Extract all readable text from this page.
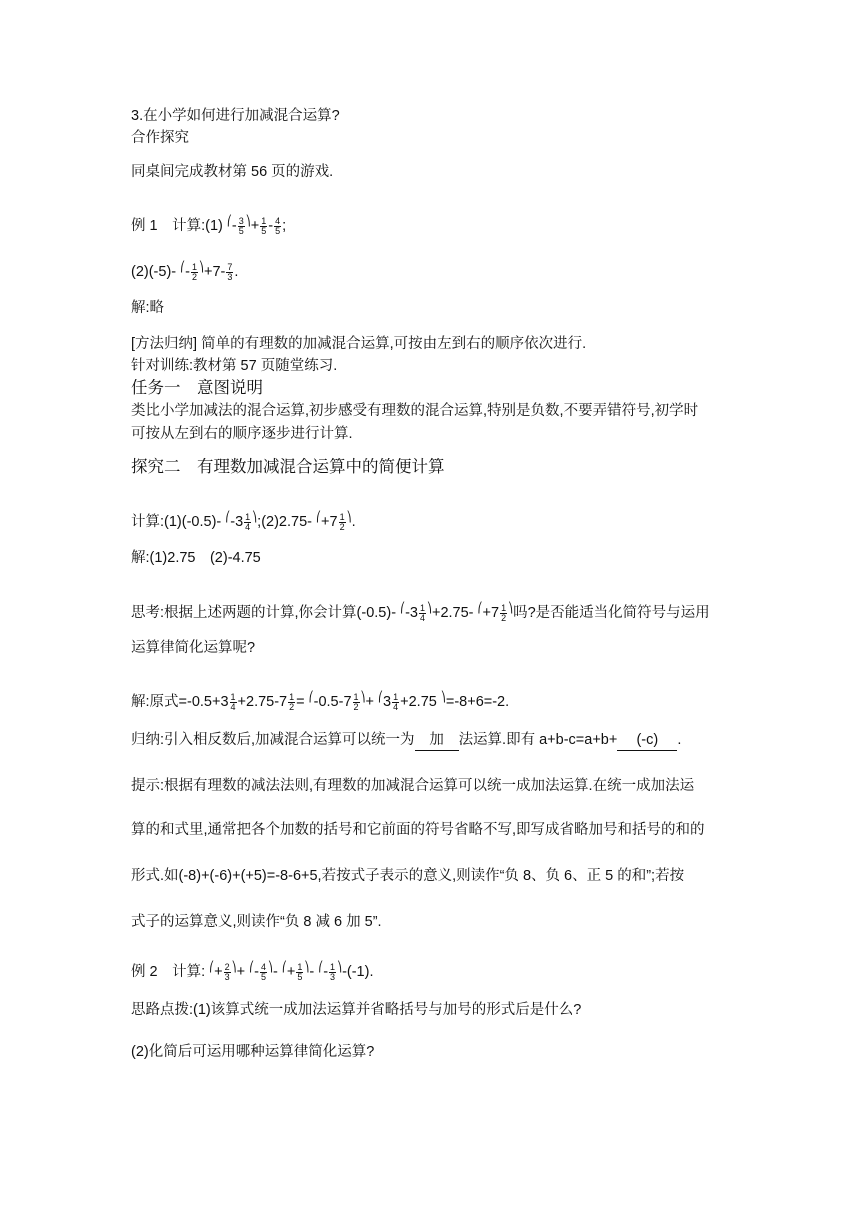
3.在小学如何进行加减混合运算?
合作探究
同桌间完成教材第 56 页的游戏.
例 1　计算:(1) $^⎛- \frac{3}{5} ^⎞+ \frac{1}{5} - \frac{4}{5}$ ;
(2)(-5)- $^⎛- \frac{1}{2} ^⎞+7- \frac{7}{3}$ .
解:略
[方法归纳] 简单的有理数的加减混合运算,可按由左到右的顺序依次进行.
针对训练:教材第 57 页随堂练习.
任务一　意图说明
类比小学加减法的混合运算,初步感受有理数的混合运算,特别是负数,不要弄错符号,初学时
可按从左到右的顺序逐步进行计算.
探究二　有理数加减混合运算中的简便计算
计算:(1)(-0.5)- $^⎛-3 \frac{1}{4}$ ⎞;(2)2.75- $^⎛+7 \frac{1}{2} ^⎞$.
解:(1)2.75　(2)-4.75
思考:根据上述两题的计算,你会计算(-0.5)- $^⎛-3 \frac{1}{4} ^⎞+2.75-$ $^⎛+7 \frac{1}{2} ^⎞$吗?是否能适当化简符号与运用
运算律简化运算呢?
解:原式$=-0.5+3 \frac{1}{4} +2.75-7 \frac{1}{2} = ^⎛-0.5-7 \frac{1}{2} ^⎞+ ^⎛3 \frac{1}{4} +2.75$ ⎞=-8+6=-2.
归纳:引入相反数后,加减混合运算可以统一为 加 法运算.即有 a+b-c=a+b+ (-c) .
提示:根据有理数的减法法则,有理数的加减混合运算可以统一成加法运算.在统一成加法运
算的和式里,通常把各个加数的括号和它前面的符号省略不写,即写成省略加号和括号的和的
形式.如(-8)+(-6)+(+5)=-8-6+5,若按式子表示的意义,则读作“负 8、负 6、正 5 的和”;若按
式子的运算意义,则读作“负 8 减 6 加 5”.
例 2　计算: $^⎛+ \frac{2}{3} ^⎞+ ^⎛- \frac{4}{5} ^⎞-$ $^⎛+ \frac{1}{5} ^⎞-$ $^⎛- \frac{1}{3} ^⎞-(-1)$.
思路点拨:(1)该算式统一成加法运算并省略括号与加号的形式后是什么?
(2)化简后可运用哪种运算律简化运算?
